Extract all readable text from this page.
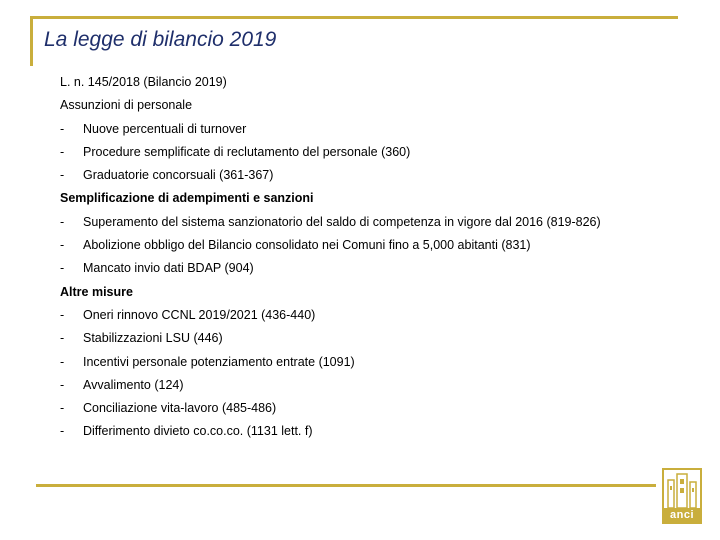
La legge di bilancio 2019
L. n. 145/2018 (Bilancio 2019)
Assunzioni di personale
-	Nuove percentuali di turnover
-	Procedure semplificate di reclutamento del personale (360)
-	Graduatorie concorsuali (361-367)
Semplificazione di adempimenti e sanzioni
-	Superamento del sistema sanzionatorio del saldo di competenza in vigore dal 2016 (819-826)
-	Abolizione obbligo del Bilancio consolidato nei Comuni fino a 5,000 abitanti (831)
-	Mancato invio dati BDAP (904)
Altre misure
-	Oneri rinnovo CCNL 2019/2021 (436-440)
-	Stabilizzazioni LSU (446)
-	Incentivi personale potenziamento entrate (1091)
-	Avvalimento (124)
-	Conciliazione vita-lavoro (485-486)
-	Differimento divieto co.co.co. (1131 lett. f)
anci
